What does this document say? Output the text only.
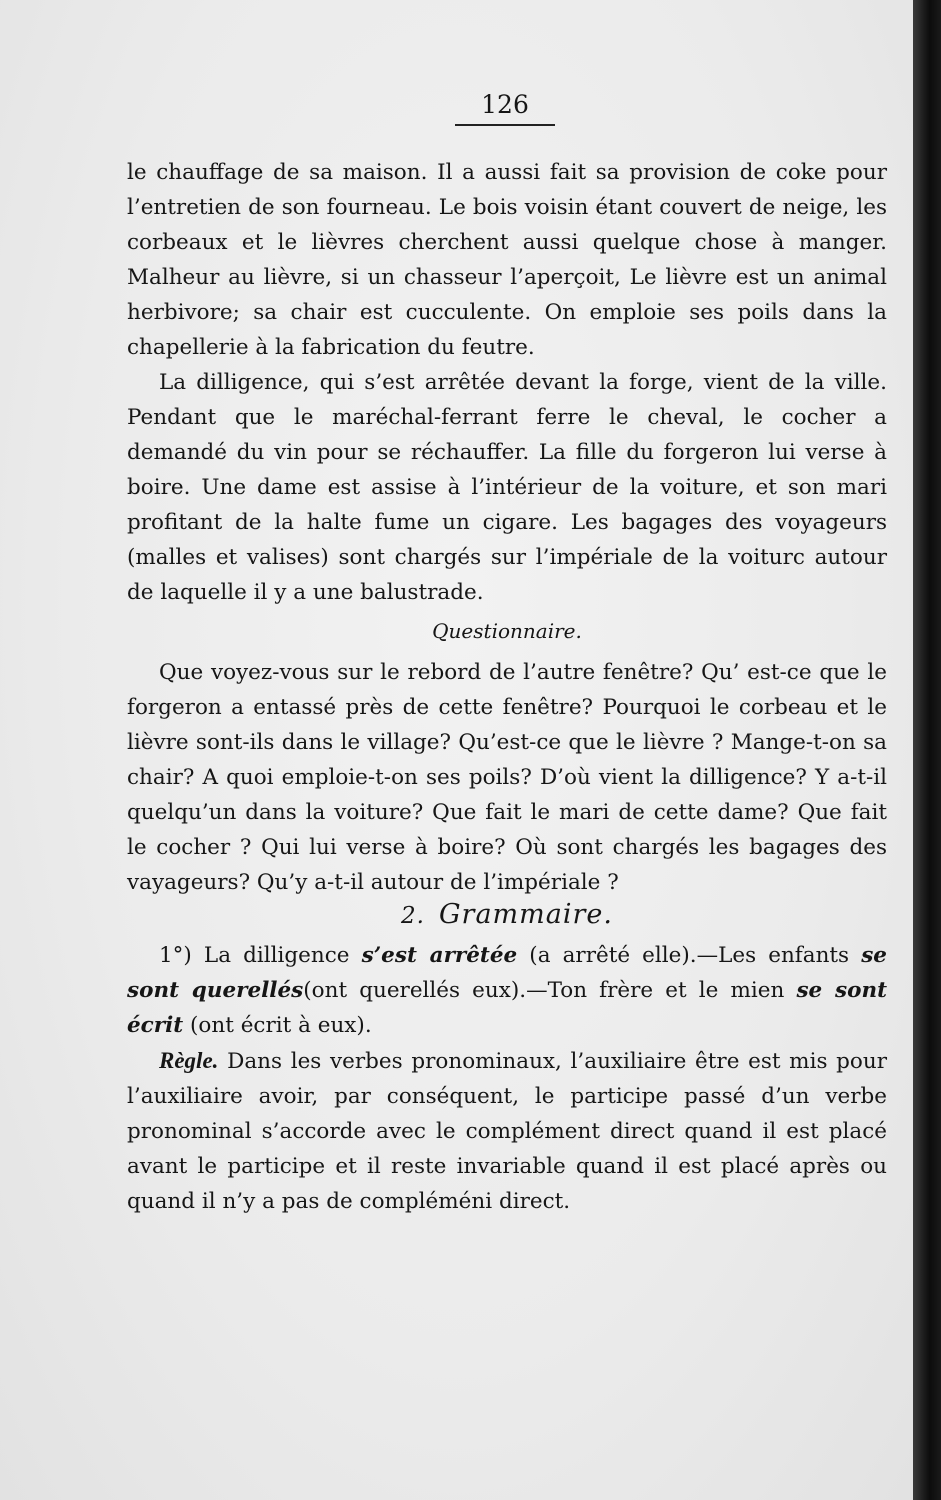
126

le chauffage de sa maison. Il a aussi fait sa provision de coke pour l’entretien de son fourneau. Le bois voisin étant couvert de neige, les corbeaux et le lièvres cherchent aussi quelque chose à manger. Malheur au lièvre, si un chasseur l’aperçoit, Le lièvre est un animal herbivore; sa chair est cucculente. On emploie ses poils dans la chapellerie à la fabrication du feutre.

La dilligence, qui s’est arrêtée devant la forge, vient de la ville. Pendant que le maréchal-ferrant ferre le cheval, le cocher a demandé du vin pour se réchauffer. La fille du forgeron lui verse à boire. Une dame est assise à l’intérieur de la voiture, et son mari profitant de la halte fume un cigare. Les bagages des voyageurs (malles et valises) sont chargés sur l’impériale de la voiturc autour de laquelle il y a une balustrade.

Questionnaire.

Que voyez-vous sur le rebord de l’autre fenêtre? Qu’ est-ce que le forgeron a entassé près de cette fenêtre? Pourquoi le corbeau et le lièvre sont-ils dans le village? Qu’est-ce que le lièvre ? Mange-t-on sa chair? A quoi emploie-t-on ses poils? D’où vient la dilligence? Y a-t-il quelqu’un dans la voiture? Que fait le mari de cette dame? Que fait le cocher ? Qui lui verse à boire? Où sont chargés les bagages des vayageurs? Qu’y a-t-il autour de l’impériale ?

2. Grammaire.

1°) La dilligence s’est arrêtée (a arrêté elle).—Les enfants se sont querellés(ont querellés eux).—Ton frère et le mien se sont écrit (ont écrit à eux).

Règle. Dans les verbes pronominaux, l’auxiliaire être est mis pour l’auxiliaire avoir, par conséquent, le participe passé d’un verbe pronominal s’accorde avec le complément direct quand il est placé avant le participe et il reste invariable quand il est placé après ou quand il n’y a pas de compléméni direct.
